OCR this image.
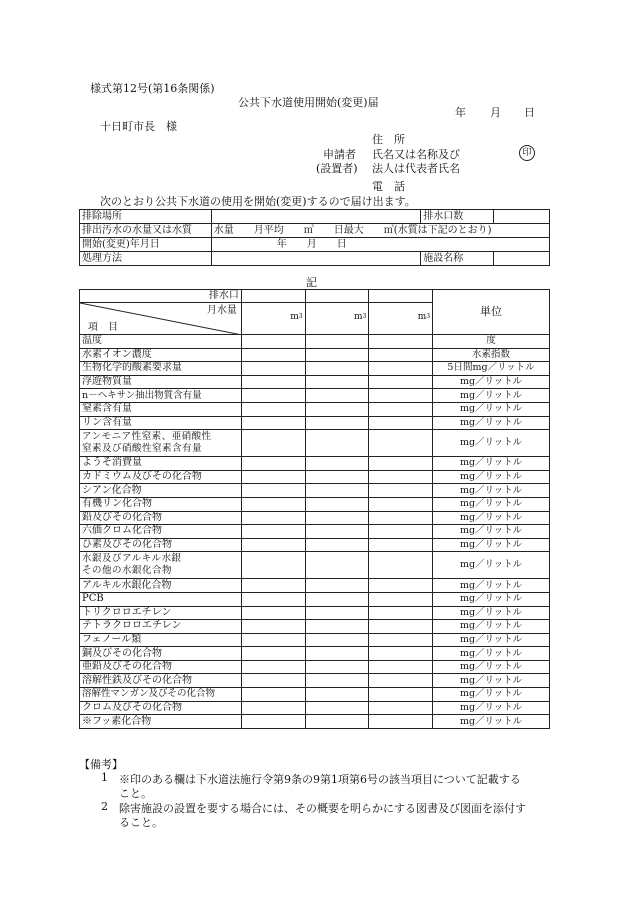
様式第12号(第16条関係)
公共下水道使用開始(変更)届
年 月 日
十日町市長　様
住　所
申請者
(設置者)
氏名又は名称及び
法人は代表者氏名
印
電　話
次のとおり公共下水道の使用を開始(変更)するので届け出ます。
排除場所		排水口数	
排出汚水の水量又は水質	水量　　月平均　　㎥　　日最大　　㎥(水質は下記のとおり)		
開始(変更)年月日	年　　月　　日		

処理方法		施設名称	
記
排水口				単位

月水量
項　目	$m^3$	$m^3$	$m^3$
温度				度
水素イオン濃度				水素指数
生物化学的酸素要求量				5日間mg／リットル
浮遊物質量				mg／リットル
n－ヘキサン抽出物質含有量				mg／リットル
窒素含有量				mg／リットル
リン含有量				mg／リットル
アンモニア性窒素、亜硝酸性
窒素及び硝酸性窒素含有量				mg／リットル
ようそ消費量				mg／リットル
カドミウム及びその化合物				mg／リットル
シアン化合物				mg／リットル
有機リン化合物				mg／リットル
鉛及びその化合物				mg／リットル
六価クロム化合物				mg／リットル
ひ素及びその化合物				mg／リットル
水銀及びアルキル水銀
その他の水銀化合物				mg／リットル
アルキル水銀化合物				mg／リットル
PCB				mg／リットル
トリクロロエチレン				mg／リットル
テトラクロロエチレン				mg／リットル
フェノール類				mg／リットル
銅及びその化合物				mg／リットル
亜鉛及びその化合物				mg／リットル
溶解性鉄及びその化合物				mg／リットル
溶解性マンガン及びその化合物				mg／リットル
クロム及びその化合物				mg／リットル
※フッ素化合物				mg／リットル
【備考】
1 ※印のある欄は下水道法施行令第9条の9第1項第6号の該当項目について記載する
こと。
2 除害施設の設置を要する場合には、その概要を明らかにする図書及び図面を添付す
ること。
